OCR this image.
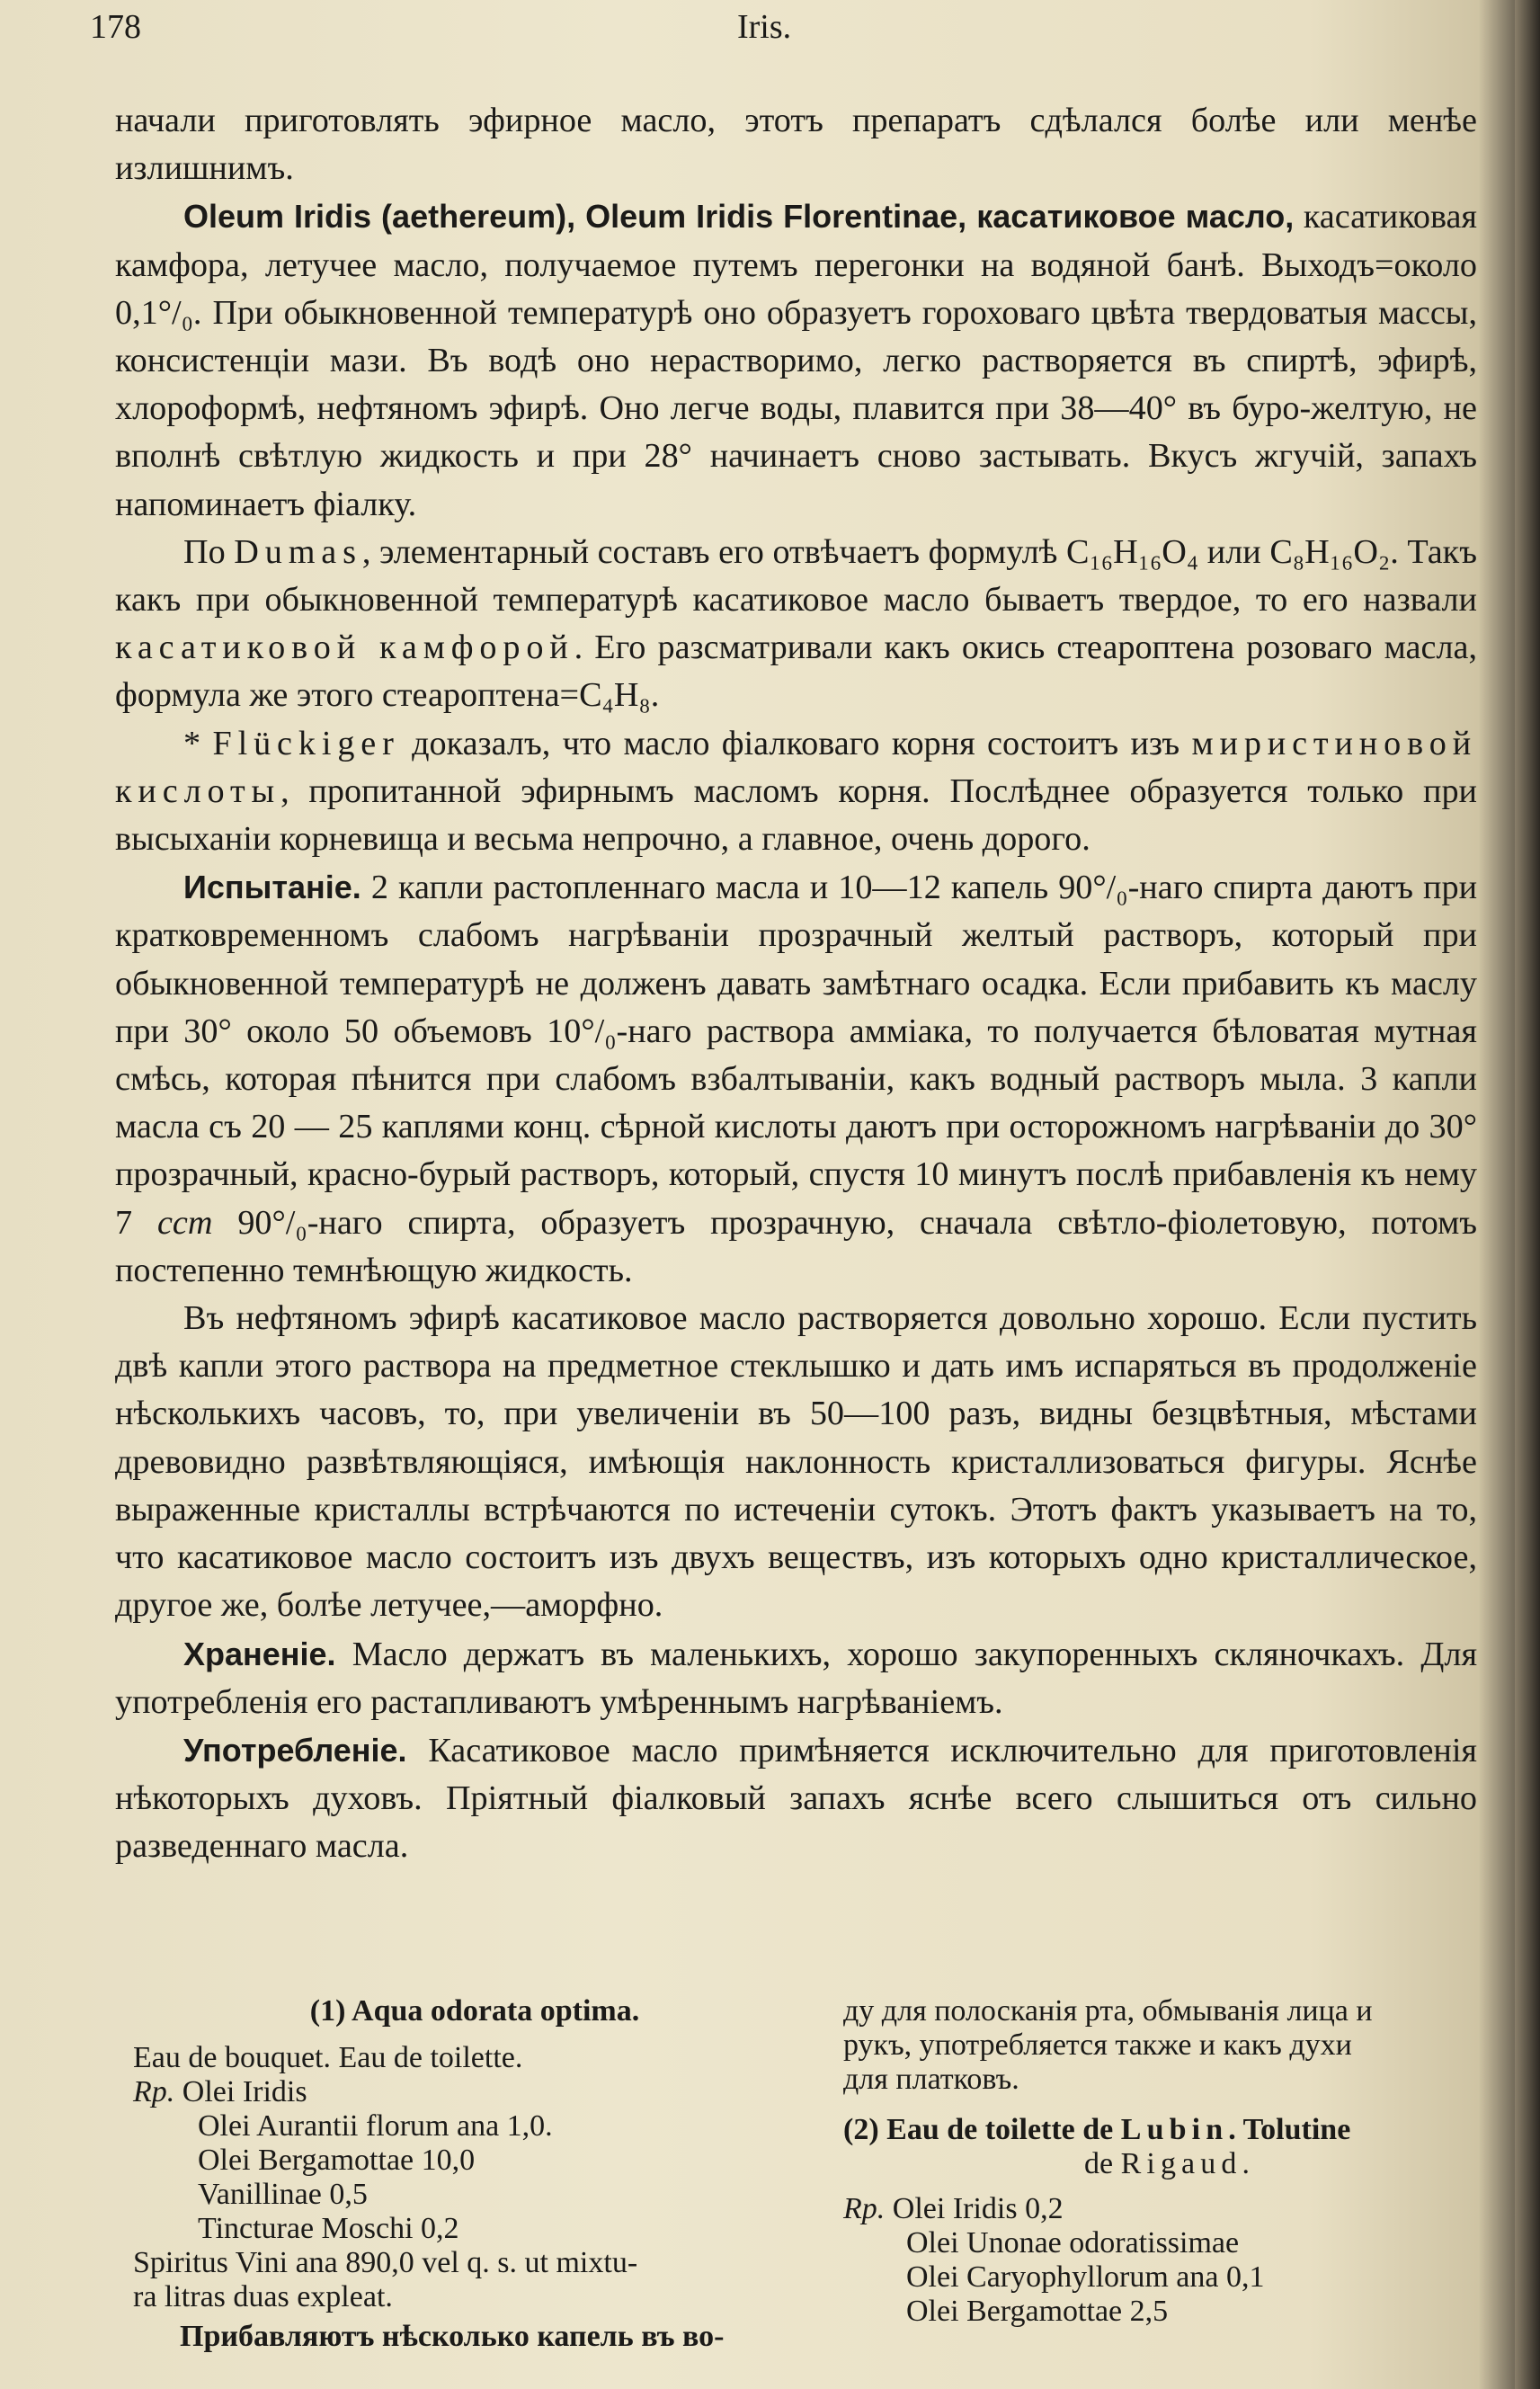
178	Iris.

начали приготовлять эфирное масло, этотъ препаратъ сдѣлался болѣе или менѣе излишнимъ.

Oleum Iridis (aethereum), Oleum Iridis Florentinae, касатиковое масло, касатиковая камфора, летучее масло, получаемое путемъ перегонки на водяной банѣ. Выходъ=около 0,1°/₀. При обыкновенной температурѣ оно образуетъ гороховаго цвѣта твердоватыя массы, консистенціи мази. Въ водѣ оно нерастворимо, легко растворяется въ спиртѣ, эфирѣ, хлороформѣ, нефтяномъ эфирѣ. Оно легче воды, плавится при 38—40° въ буро-желтую, не вполнѣ свѣтлую жидкость и при 28° начинаетъ сново застывать. Вкусъ жгучій, запахъ напоминаетъ фіалку.

По Dumas, элементарный составъ его отвѣчаетъ формулѣ C₁₆H₁₆O₄ или C₈H₁₆O₂. Такъ какъ при обыкновенной температурѣ касатиковое масло бываетъ твердое, то его назвали касатиковой камфорой. Его разсматривали какъ окись стеароптена розоваго масла, формула же этого стеароптена=C₄H₈.

* Flückiger доказалъ, что масло фіалковаго корня состоитъ изъ миристиновой кислоты, пропитанной эфирнымъ масломъ корня. Послѣднее образуется только при высыханіи корневища и весьма непрочно, а главное, очень дорого.

Испытаніе. 2 капли растопленнаго масла и 10—12 капель 90°/₀-наго спирта даютъ при кратковременномъ слабомъ нагрѣваніи прозрачный желтый растворъ, который при обыкновенной температурѣ не долженъ давать замѣтнаго осадка. Если прибавить къ маслу при 30° около 50 объемовъ 10°/₀-наго раствора амміака, то получается бѣловатая мутная смѣсь, которая пѣнится при слабомъ взбалтываніи, какъ водный растворъ мыла. 3 капли масла съ 20 — 25 каплями конц. сѣрной кислоты даютъ при осторожномъ нагрѣваніи до 30° прозрачный, красно-бурый растворъ, который, спустя 10 минутъ послѣ прибавленія къ нему 7 ccm 90°/₀-наго спирта, образуетъ прозрачную, сначала свѣтло-фіолетовую, потомъ постепенно темнѣющую жидкость.

Въ нефтяномъ эфирѣ касатиковое масло растворяется довольно хорошо. Если пустить двѣ капли этого раствора на предметное стеклышко и дать имъ испаряться въ продолженіе нѣсколькихъ часовъ, то, при увеличеніи въ 50—100 разъ, видны безцвѣтныя, мѣстами древовидно развѣтвляющіяся, имѣющія наклонность кристаллизоваться фигуры. Яснѣе выраженные кристаллы встрѣчаются по истеченіи сутокъ. Этотъ фактъ указываетъ на то, что касатиковое масло состоитъ изъ двухъ веществъ, изъ которыхъ одно кристаллическое, другое же, болѣе летучее,—аморфно.

Храненіе. Масло держатъ въ маленькихъ, хорошо закупоренныхъ скляночкахъ. Для употребленія его растапливаютъ умѣреннымъ нагрѣваніемъ.

Употребленіе. Касатиковое масло примѣняется исключительно для приготовленія нѣкоторыхъ духовъ. Пріятный фіалковый запахъ яснѣе всего слышиться отъ сильно разведеннаго масла.

(1) Aqua odorata optima.
Eau de bouquet. Eau de toilette.
Rp. Olei Iridis
Olei Aurantii florum ana 1,0.
Olei Bergamottae 10,0
Vanillinae 0,5
Tincturae Moschi 0,2
Spiritus Vini ana 890,0 vel q. s. ut mixtu-
ra litras duas expleat.
Прибавляютъ нѣсколько капель въ во-
ду для полосканія рта, обмыванія лица и
рукъ, употребляется также и какъ духи
для платковъ.
(2) Eau de toilette de Lubin. Tolutine
de Rigaud.
Rp. Olei Iridis 0,2
Olei Unonae odoratissimae
Olei Caryophyllorum ana 0,1
Olei Bergamottae 2,5
